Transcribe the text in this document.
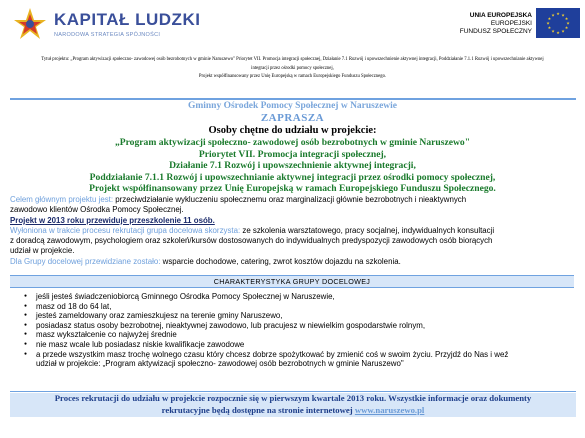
KAPITAŁ LUDZKI
NARODOWA STRATEGIA SPÓJNOŚCI
UNIA EUROPEJSKA
EUROPEJSKI
FUNDUSZ SPOŁECZNY
★ ★
★
★
★
★
★
★
★
★
★
★
Tytuł projektu: „Program aktywizacji społeczno- zawodowej osób bezrobotnych w gminie Naruszewo" Priorytet VII. Promocja integracji społecznej, Działanie 7.1 Rozwój i upowszechnienie aktywnej integracji, Poddziałanie 7.1.1 Rozwój i upowszechnianie aktywnej
integracji przez ośrodki pomocy społecznej,
Projekt współfinansowany przez Unię Europejską w ramach Europejskiego Funduszu Społecznego.
Gminny Ośrodek Pomocy Społecznej w Naruszewie
ZAPRASZA
Osoby chętne do udziału w projekcie:
„Program aktywizacji społeczno- zawodowej osób bezrobotnych w gminie Naruszewo"
Priorytet VII. Promocja integracji społecznej,
Działanie 7.1 Rozwój i upowszechnienie aktywnej integracji,
Poddziałanie 7.1.1 Rozwój i upowszechnianie aktywnej integracji przez ośrodki pomocy społecznej,
Projekt współfinansowany przez Unię Europejską w ramach Europejskiego Funduszu Społecznego.
Celem głównym projektu jest: przeciwdziałanie wykluczeniu społecznemu oraz marginalizacji głównie bezrobotnych i nieaktywnych
zawodowo klientów Ośrodka Pomocy Społecznej.
Projekt w 2013 roku przewiduje przeszkolenie 11 osób.
Wyłoniona w trakcie procesu rekrutacji grupa docelowa skorzysta: ze szkolenia warsztatowego, pracy socjalnej, indywidualnych konsultacji
z doradcą zawodowym, psychologiem oraz szkoleń/kursów dostosowanych do indywidualnych predyspozycji zawodowych osób biorących
udział w projekcie.
Dla Grupy docelowej przewidziane zostało: wsparcie dochodowe, catering, zwrot kosztów dojazdu na szkolenia.
CHARAKTERYSTYKA GRUPY DOCELOWEJ
● jeśli jesteś świadczeniobiorcą Gminnego Ośrodka Pomocy Społecznej w Naruszewie,
● masz od 18 do 64 lat,
● jesteś zameldowany oraz zamieszkujesz na terenie gminy Naruszewo,
● posiadasz status osoby bezrobotnej, nieaktywnej zawodowo, lub pracujesz w niewielkim gospodarstwie rolnym,
● masz wykształcenie co najwyżej średnie
● nie masz wcale lub posiadasz niskie kwalifikacje zawodowe
● a przede wszystkim masz trochę wolnego czasu który chcesz dobrze spożytkować by zmienić coś w swoim życiu. Przyjdź do Nas i weź
udział w projekcie: „Program aktywizacji społeczno- zawodowej osób bezrobotnych w gminie Naruszewo"
Proces rekrutacji do udziału w projekcie rozpocznie się w pierwszym kwartale 2013 roku. Wszystkie informacje oraz dokumenty
rekrutacyjne będą dostępne na stronie internetowej www.naruszewo.pl
